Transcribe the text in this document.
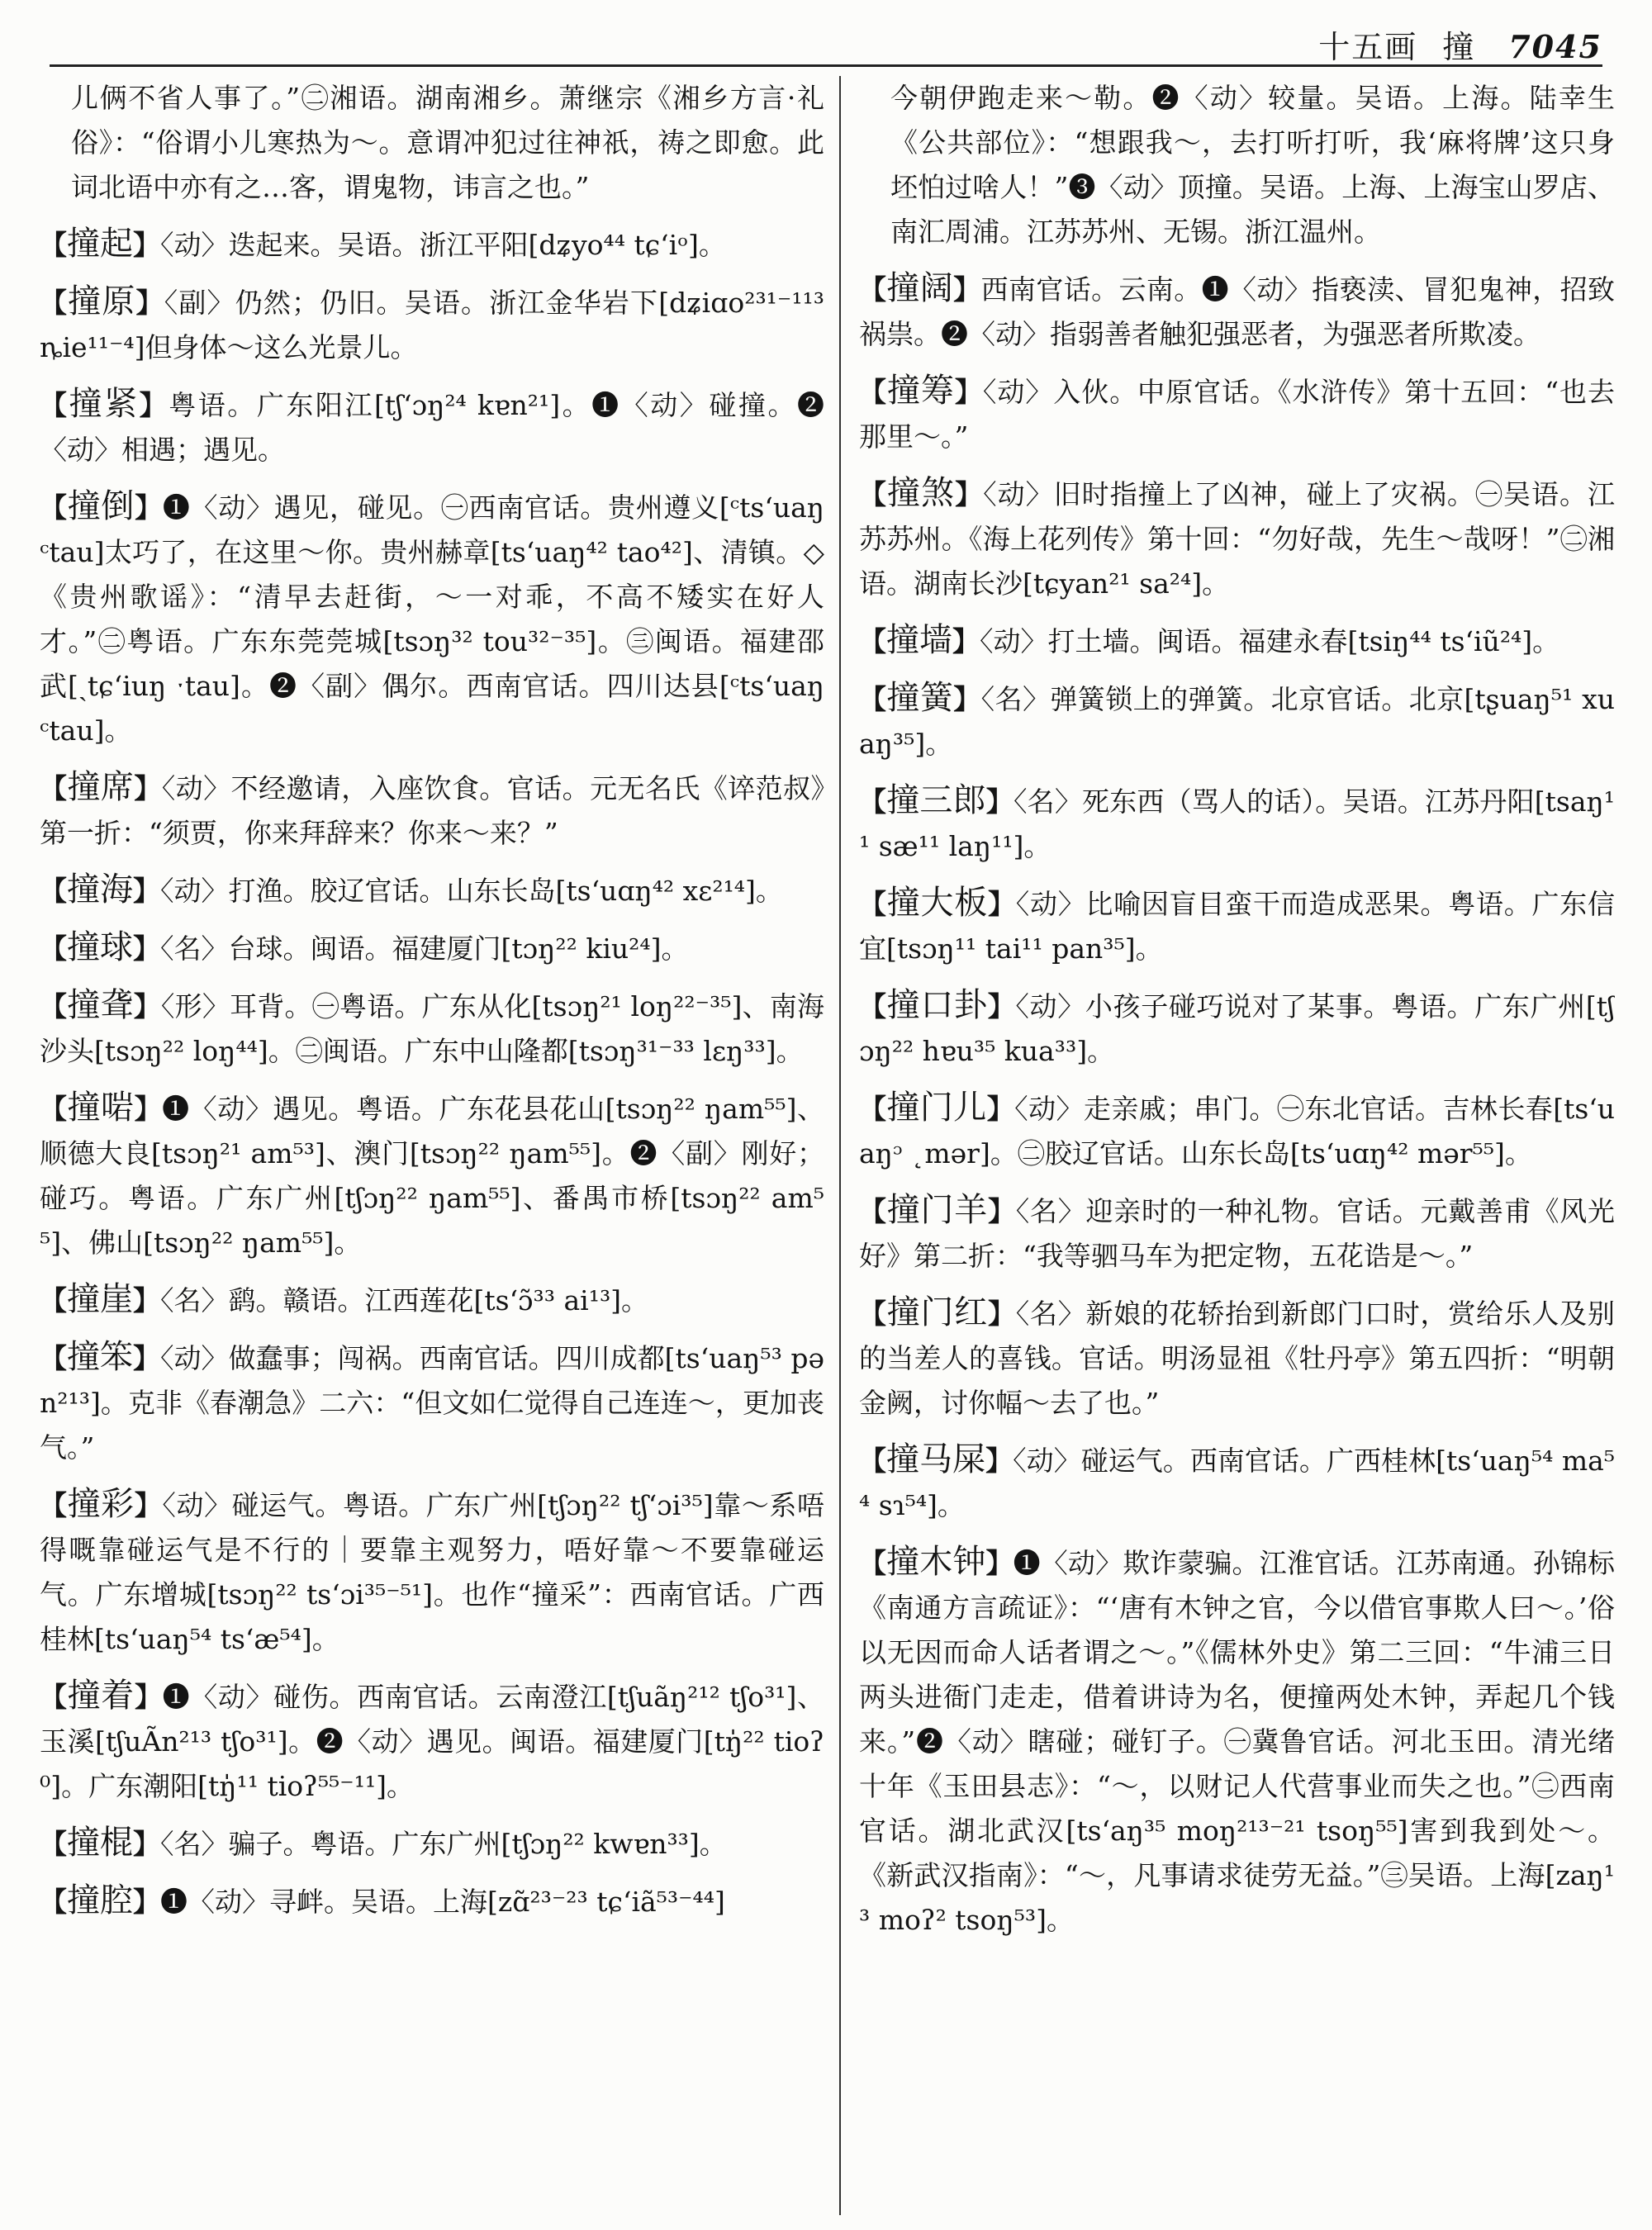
十五画 撞 7045

儿俩不省人事了。”㊁湘语。湖南湘乡。萧继宗《湘乡方言·礼俗》：“俗谓小儿寒热为～。意谓冲犯过往神祇，祷之即愈。此词北语中亦有之…客，谓鬼物，讳言之也。”

【撞起】〈动〉迭起来。吴语。浙江平阳[dʑyo⁴⁴ tɕʻiᵒ]。

【撞原】〈副〉仍然；仍旧。吴语。浙江金华岩下[dʑiɑo²³¹⁻¹¹³ ȵie¹¹⁻⁴]但身体～这么光景儿。

【撞紧】粤语。广东阳江[tʃʻɔŋ²⁴ kɐn²¹]。❶〈动〉碰撞。❷〈动〉相遇；遇见。

【撞倒】❶〈动〉遇见，碰见。㊀西南官话。贵州遵义[ᶜtsʻuaŋ ᶜtau]太巧了，在这里～你。贵州赫章[tsʻuaŋ⁴² tao⁴²]、清镇。◇《贵州歌谣》：“清早去赶街，～一对乖，不高不矮实在好人才。”㊁粤语。广东东莞莞城[tsɔŋ³² tou³²⁻³⁵]。㊂闽语。福建邵武[ˏtɕʻiuŋ ˑtau]。❷〈副〉偶尔。西南官话。四川达县[ᶜtsʻuaŋ ᶜtau]。

【撞席】〈动〉不经邀请，入座饮食。官话。元无名氏《谇范叔》第一折：“须贾，你来拜辞来？你来～来？”

【撞海】〈动〉打渔。胶辽官话。山东长岛[tsʻuɑŋ⁴² xɛ²¹⁴]。

【撞球】〈名〉台球。闽语。福建厦门[tɔŋ²² kiu²⁴]。

【撞聋】〈形〉耳背。㊀粤语。广东从化[tsɔŋ²¹ loŋ²²⁻³⁵]、南海沙头[tsɔŋ²² loŋ⁴⁴]。㊁闽语。广东中山隆都[tsɔŋ³¹⁻³³ lɛŋ³³]。

【撞啱】❶〈动〉遇见。粤语。广东花县花山[tsɔŋ²² ŋam⁵⁵]、顺德大良[tsɔŋ²¹ am⁵³]、澳门[tsɔŋ²² ŋam⁵⁵]。❷〈副〉刚好；碰巧。粤语。广东广州[tʃɔŋ²² ŋam⁵⁵]、番禺市桥[tsɔŋ²² am⁵⁵]、佛山[tsɔŋ²² ŋam⁵⁵]。

【撞崖】〈名〉鹞。赣语。江西莲花[tsʻɔ̃³³ ai¹³]。

【撞笨】〈动〉做蠢事；闯祸。西南官话。四川成都[tsʻuaŋ⁵³ pən²¹³]。克非《春潮急》二六：“但文如仁觉得自己连连～，更加丧气。”

【撞彩】〈动〉碰运气。粤语。广东广州[tʃɔŋ²² tʃʻɔi³⁵]靠～系唔得嘅靠碰运气是不行的｜要靠主观努力，唔好靠～不要靠碰运气。广东增城[tsɔŋ²² tsʻɔi³⁵⁻⁵¹]。也作“撞采”：西南官话。广西桂林[tsʻuaŋ⁵⁴ tsʻæ⁵⁴]。

【撞着】❶〈动〉碰伤。西南官话。云南澄江[tʃuãŋ²¹² tʃo³¹]、玉溪[tʃuÃn²¹³ tʃo³¹]。❷〈动〉遇见。闽语。福建厦门[tŋ̍²² tioʔ⁰]。广东潮阳[tŋ̍¹¹ tioʔ⁵⁵⁻¹¹]。

【撞棍】〈名〉骗子。粤语。广东广州[tʃɔŋ²² kwɐn³³]。

【撞腔】❶〈动〉寻衅。吴语。上海[zɑ̃²³⁻²³ tɕʻiã⁵³⁻⁴⁴]

今朝伊跑走来～勒。❷〈动〉较量。吴语。上海。陆幸生《公共部位》：“想跟我～，去打听打听，我‘麻将牌’这只身坯怕过啥人！”❸〈动〉顶撞。吴语。上海、上海宝山罗店、南汇周浦。江苏苏州、无锡。浙江温州。

【撞阔】西南官话。云南。❶〈动〉指亵渎、冒犯鬼神，招致祸祟。❷〈动〉指弱善者触犯强恶者，为强恶者所欺凌。

【撞筹】〈动〉入伙。中原官话。《水浒传》第十五回：“也去那里～。”

【撞煞】〈动〉旧时指撞上了凶神，碰上了灾祸。㊀吴语。江苏苏州。《海上花列传》第十回：“勿好哉，先生～哉呀！”㊁湘语。湖南长沙[tɕyan²¹ sa²⁴]。

【撞墙】〈动〉打土墙。闽语。福建永春[tsiŋ⁴⁴ tsʻiũ²⁴]。

【撞簧】〈名〉弹簧锁上的弹簧。北京官话。北京[tʂuaŋ⁵¹ xuaŋ³⁵]。

【撞三郎】〈名〉死东西（骂人的话）。吴语。江苏丹阳[tsaŋ¹¹ sæ¹¹ laŋ¹¹]。

【撞大板】〈动〉比喻因盲目蛮干而造成恶果。粤语。广东信宜[tsɔŋ¹¹ tai¹¹ pan³⁵]。

【撞口卦】〈动〉小孩子碰巧说对了某事。粤语。广东广州[tʃɔŋ²² hɐu³⁵ kua³³]。

【撞门儿】〈动〉走亲戚；串门。㊀东北官话。吉林长春[tsʻuaŋᵓ ˛mər]。㊁胶辽官话。山东长岛[tsʻuɑŋ⁴² mər⁵⁵]。

【撞门羊】〈名〉迎亲时的一种礼物。官话。元戴善甫《风光好》第二折：“我等驷马车为把定物，五花诰是～。”

【撞门红】〈名〉新娘的花轿抬到新郎门口时，赏给乐人及别的当差人的喜钱。官话。明汤显祖《牡丹亭》第五四折：“明朝金阙，讨你幅～去了也。”

【撞马屎】〈动〉碰运气。西南官话。广西桂林[tsʻuaŋ⁵⁴ ma⁵⁴ sɿ⁵⁴]。

【撞木钟】❶〈动〉欺诈蒙骗。江淮官话。江苏南通。孙锦标《南通方言疏证》：“‘唐有木钟之官，今以借官事欺人曰～。’俗以无因而命人话者谓之～。”《儒林外史》第二三回：“牛浦三日两头进衙门走走，借着讲诗为名，便撞两处木钟，弄起几个钱来。”❷〈动〉瞎碰；碰钉子。㊀冀鲁官话。河北玉田。清光绪十年《玉田县志》：“～，以财记人代营事业而失之也。”㊁西南官话。湖北武汉[tsʻaŋ³⁵ moŋ²¹³⁻²¹ tsoŋ⁵⁵]害到我到处～。《新武汉指南》：“～，凡事请求徒劳无益。”㊂吴语。上海[zaŋ¹³ moʔ² tsoŋ⁵³]。
